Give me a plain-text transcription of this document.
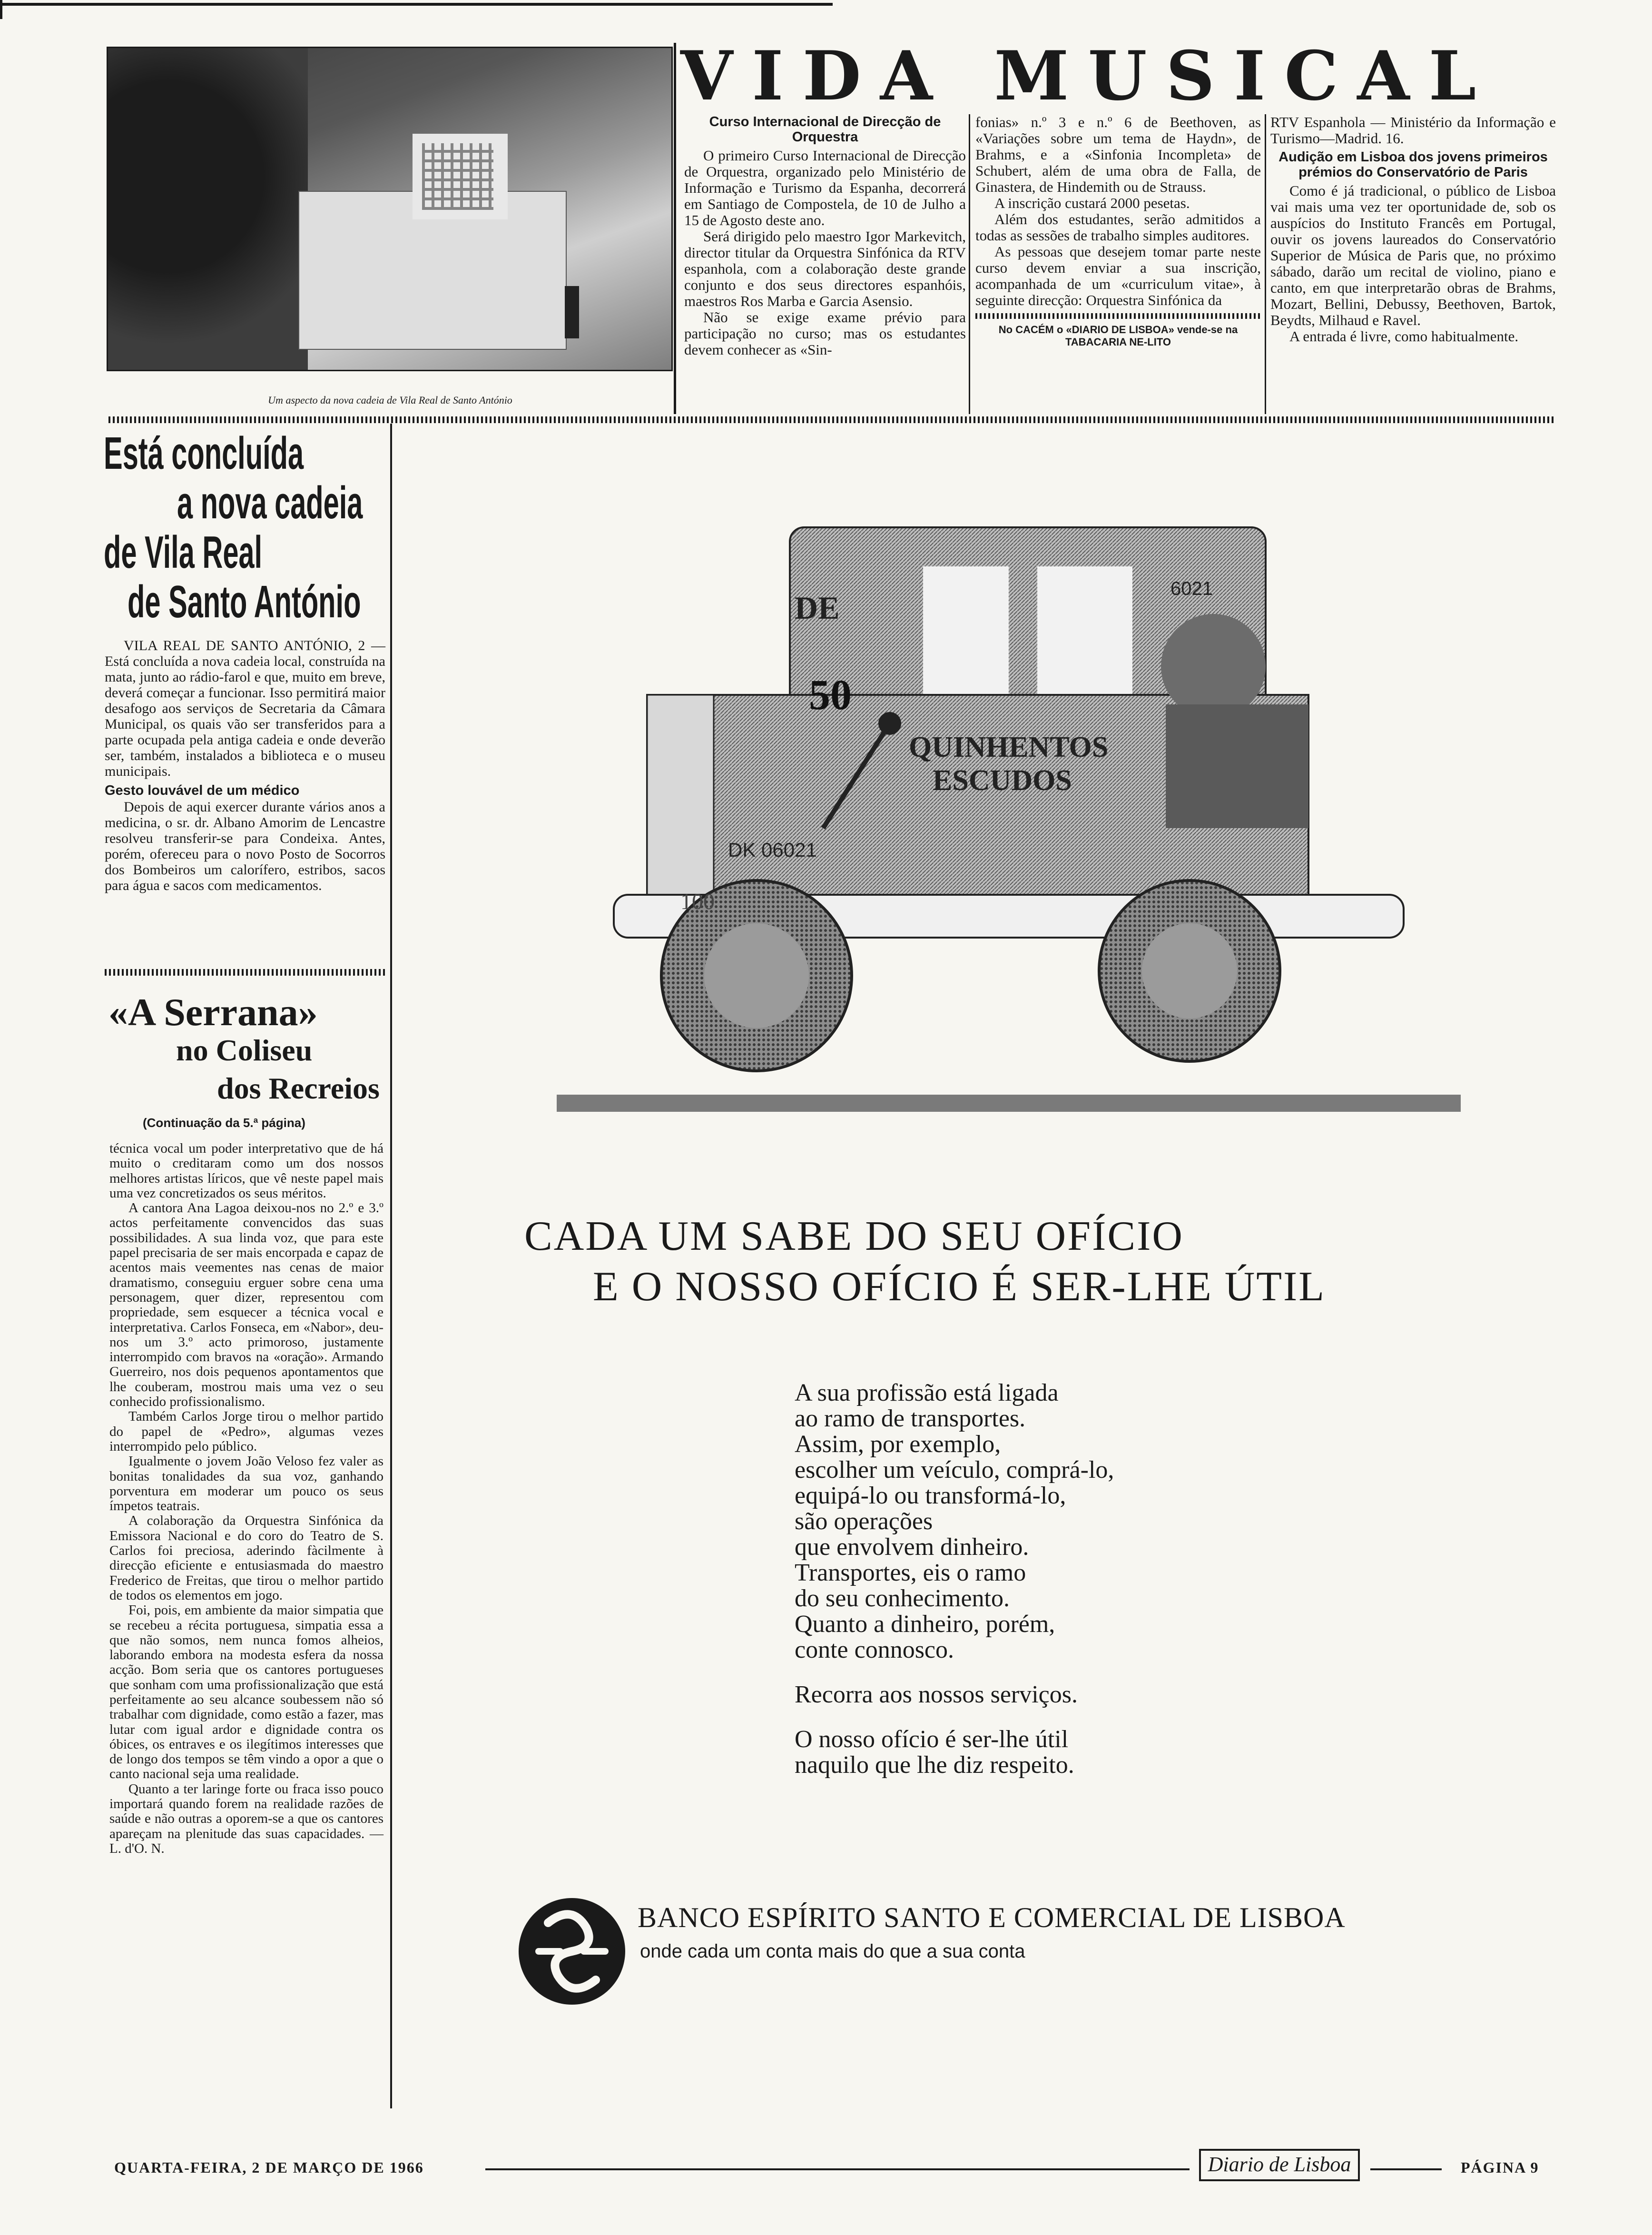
Um aspecto da nova cadeia de Vila Real de Santo António
VIDA MUSICAL
Curso Internacional de Direcção de Orquestra

O primeiro Curso Internacional de Direcção de Orquestra, organizado pelo Ministério de Informação e Turismo da Espanha, decorrerá em Santiago de Compostela, de 10 de Julho a 15 de Agosto deste ano.

Será dirigido pelo maestro Igor Markevitch, director titular da Orquestra Sinfónica da RTV espanhola, com a colaboração deste grande conjunto e dos seus directores espanhóis, maestros Ros Marba e Garcia Asensio.

Não se exige exame prévio para participação no curso; mas os estudantes devem conhecer as «Sin-

fonias» n.º 3 e n.º 6 de Beethoven, as «Variações sobre um tema de Haydn», de Brahms, e a «Sinfonia Incompleta» de Schubert, além de uma obra de Falla, de Ginastera, de Hindemith ou de Strauss.

A inscrição custará 2000 pesetas.

Além dos estudantes, serão admitidos a todas as sessões de trabalho simples auditores.

As pessoas que desejem tomar parte neste curso devem enviar a sua inscrição, acompanhada de um «curriculum vitae», à seguinte direcção: Orquestra Sinfónica da

No CACÉM o «DIARIO DE LISBOA» vende-se na TABACARIA NE-LITO

RTV Espanhola — Ministério da Informação e Turismo—Madrid. 16.

Audição em Lisboa dos jovens primeiros prémios do Conservatório de Paris

Como é já tradicional, o público de Lisboa vai mais uma vez ter oportunidade de, sob os auspícios do Instituto Francês em Portugal, ouvir os jovens laureados do Conservatório Superior de Música de Paris que, no próximo sábado, darão um recital de violino, piano e canto, em que interpretarão obras de Brahms, Mozart, Bellini, Debussy, Beethoven, Bartok, Beydts, Milhaud e Ravel.

A entrada é livre, como habitualmente.

Está concluída
a nova cadeia
de Vila Real
de Santo António

VILA REAL DE SANTO ANTÓNIO, 2 — Está concluída a nova cadeia local, construída na mata, junto ao rádio-farol e que, muito em breve, deverá começar a funcionar. Isso permitirá maior desafogo aos serviços de Secretaria da Câmara Municipal, os quais vão ser transferidos para a parte ocupada pela antiga cadeia e onde deverão ser, também, instalados a biblioteca e o museu municipais.

Gesto louvável de um médico

Depois de aqui exercer durante vários anos a medicina, o sr. dr. Albano Amorim de Lencastre resolveu transferir-se para Condeixa. Antes, porém, ofereceu para o novo Posto de Socorros dos Bombeiros um calorífero, estribos, sacos para água e sacos com medicamentos.

«A Serrana»
no Coliseu
dos Recreios
(Continuação da 5.ª página)

técnica vocal um poder interpretativo que de há muito o creditaram como um dos nossos melhores artistas líricos, que vê neste papel mais uma vez concretizados os seus méritos.

A cantora Ana Lagoa deixou-nos no 2.º e 3.º actos perfeitamente convencidos das suas possibilidades. A sua linda voz, que para este papel precisaria de ser mais encorpada e capaz de acentos mais veementes nas cenas de maior dramatismo, conseguiu erguer sobre cena uma personagem, quer dizer, representou com propriedade, sem esquecer a técnica vocal e interpretativa. Carlos Fonseca, em «Nabor», deu-nos um 3.º acto primoroso, justamente interrompido com bravos na «oração». Armando Guerreiro, nos dois pequenos apontamentos que lhe couberam, mostrou mais uma vez o seu conhecido profissionalismo.

Também Carlos Jorge tirou o melhor partido do papel de «Pedro», algumas vezes interrompido pelo público.

Igualmente o jovem João Veloso fez valer as bonitas tonalidades da sua voz, ganhando porventura em moderar um pouco os seus ímpetos teatrais.

A colaboração da Orquestra Sinfónica da Emissora Nacional e do coro do Teatro de S. Carlos foi preciosa, aderindo fàcilmente à direcção eficiente e entusiasmada do maestro Frederico de Freitas, que tirou o melhor partido de todos os elementos em jogo.

Foi, pois, em ambiente da maior simpatia que se recebeu a récita portuguesa, simpatia essa a que não somos, nem nunca fomos alheios, laborando embora na modesta esfera da nossa acção. Bom seria que os cantores portugueses que sonham com uma profissionalização que está perfeitamente ao seu alcance soubessem não só trabalhar com dignidade, como estão a fazer, mas lutar com igual ardor e dignidade contra os óbices, os entraves e os ilegítimos interesses que de longo dos tempos se têm vindo a opor a que o canto nacional seja uma realidade.

Quanto a ter laringe forte ou fraca isso pouco importará quando forem na realidade razões de saúde e não outras a oporem-se a que os cantores apareçam na plenitude das suas capacidades. — L. d'O. N.

DE
50
QUINHENTOS
ESCUDOS
DK 06021
6021
100
CADA UM SABE DO SEU OFÍCIO
E O NOSSO OFÍCIO É SER-LHE ÚTIL
A sua profissão está ligada
ao ramo de transportes.
Assim, por exemplo,
escolher um veículo, comprá-lo,
equipá-lo ou transformá-lo,
são operações
que envolvem dinheiro.
Transportes, eis o ramo
do seu conhecimento.
Quanto a dinheiro, porém,
conte connosco.
Recorra aos nossos serviços.
O nosso ofício é ser-lhe útil
naquilo que lhe diz respeito.
BANCO ESPÍRITO SANTO E COMERCIAL DE LISBOA
onde cada um conta mais do que a sua conta
QUARTA-FEIRA, 2 DE MARÇO DE 1966	Diario de Lisboa	PÁGINA 9
